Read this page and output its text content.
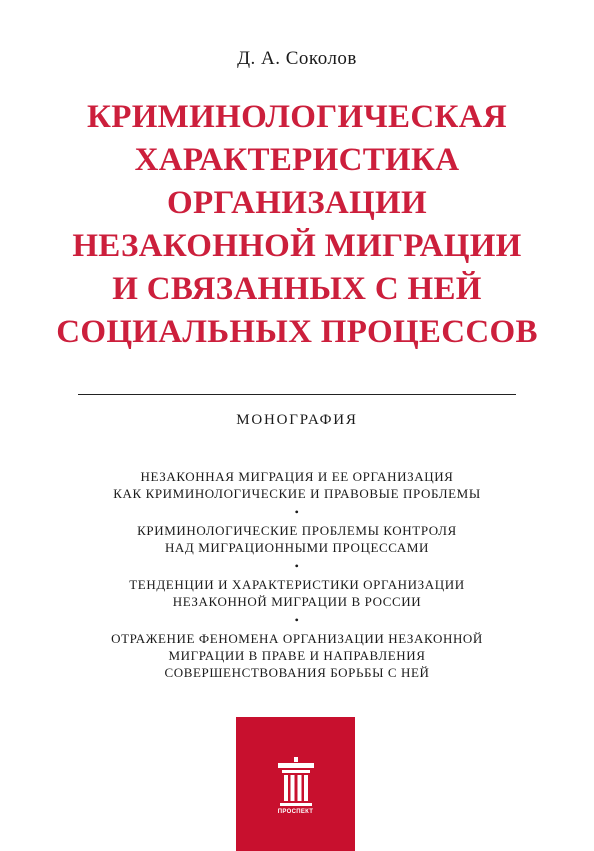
Д. А. Соколов
КРИМИНОЛОГИЧЕСКАЯ
ХАРАКТЕРИСТИКА
ОРГАНИЗАЦИИ
НЕЗАКОННОЙ МИГРАЦИИ
И СВЯЗАННЫХ С НЕЙ
СОЦИАЛЬНЫХ ПРОЦЕССОВ
МОНОГРАФИЯ
НЕЗАКОННАЯ МИГРАЦИЯ И ЕЕ ОРГАНИЗАЦИЯ
КАК КРИМИНОЛОГИЧЕСКИЕ И ПРАВОВЫЕ ПРОБЛЕМЫ
•
КРИМИНОЛОГИЧЕСКИЕ ПРОБЛЕМЫ КОНТРОЛЯ
НАД МИГРАЦИОННЫМИ ПРОЦЕССАМИ
•
ТЕНДЕНЦИИ И ХАРАКТЕРИСТИКИ ОРГАНИЗАЦИИ
НЕЗАКОННОЙ МИГРАЦИИ В РОССИИ
•
ОТРАЖЕНИЕ ФЕНОМЕНА ОРГАНИЗАЦИИ НЕЗАКОННОЙ
МИГРАЦИИ В ПРАВЕ И НАПРАВЛЕНИЯ
СОВЕРШЕНСТВОВАНИЯ БОРЬБЫ С НЕЙ
ПРОСПЕКТ
